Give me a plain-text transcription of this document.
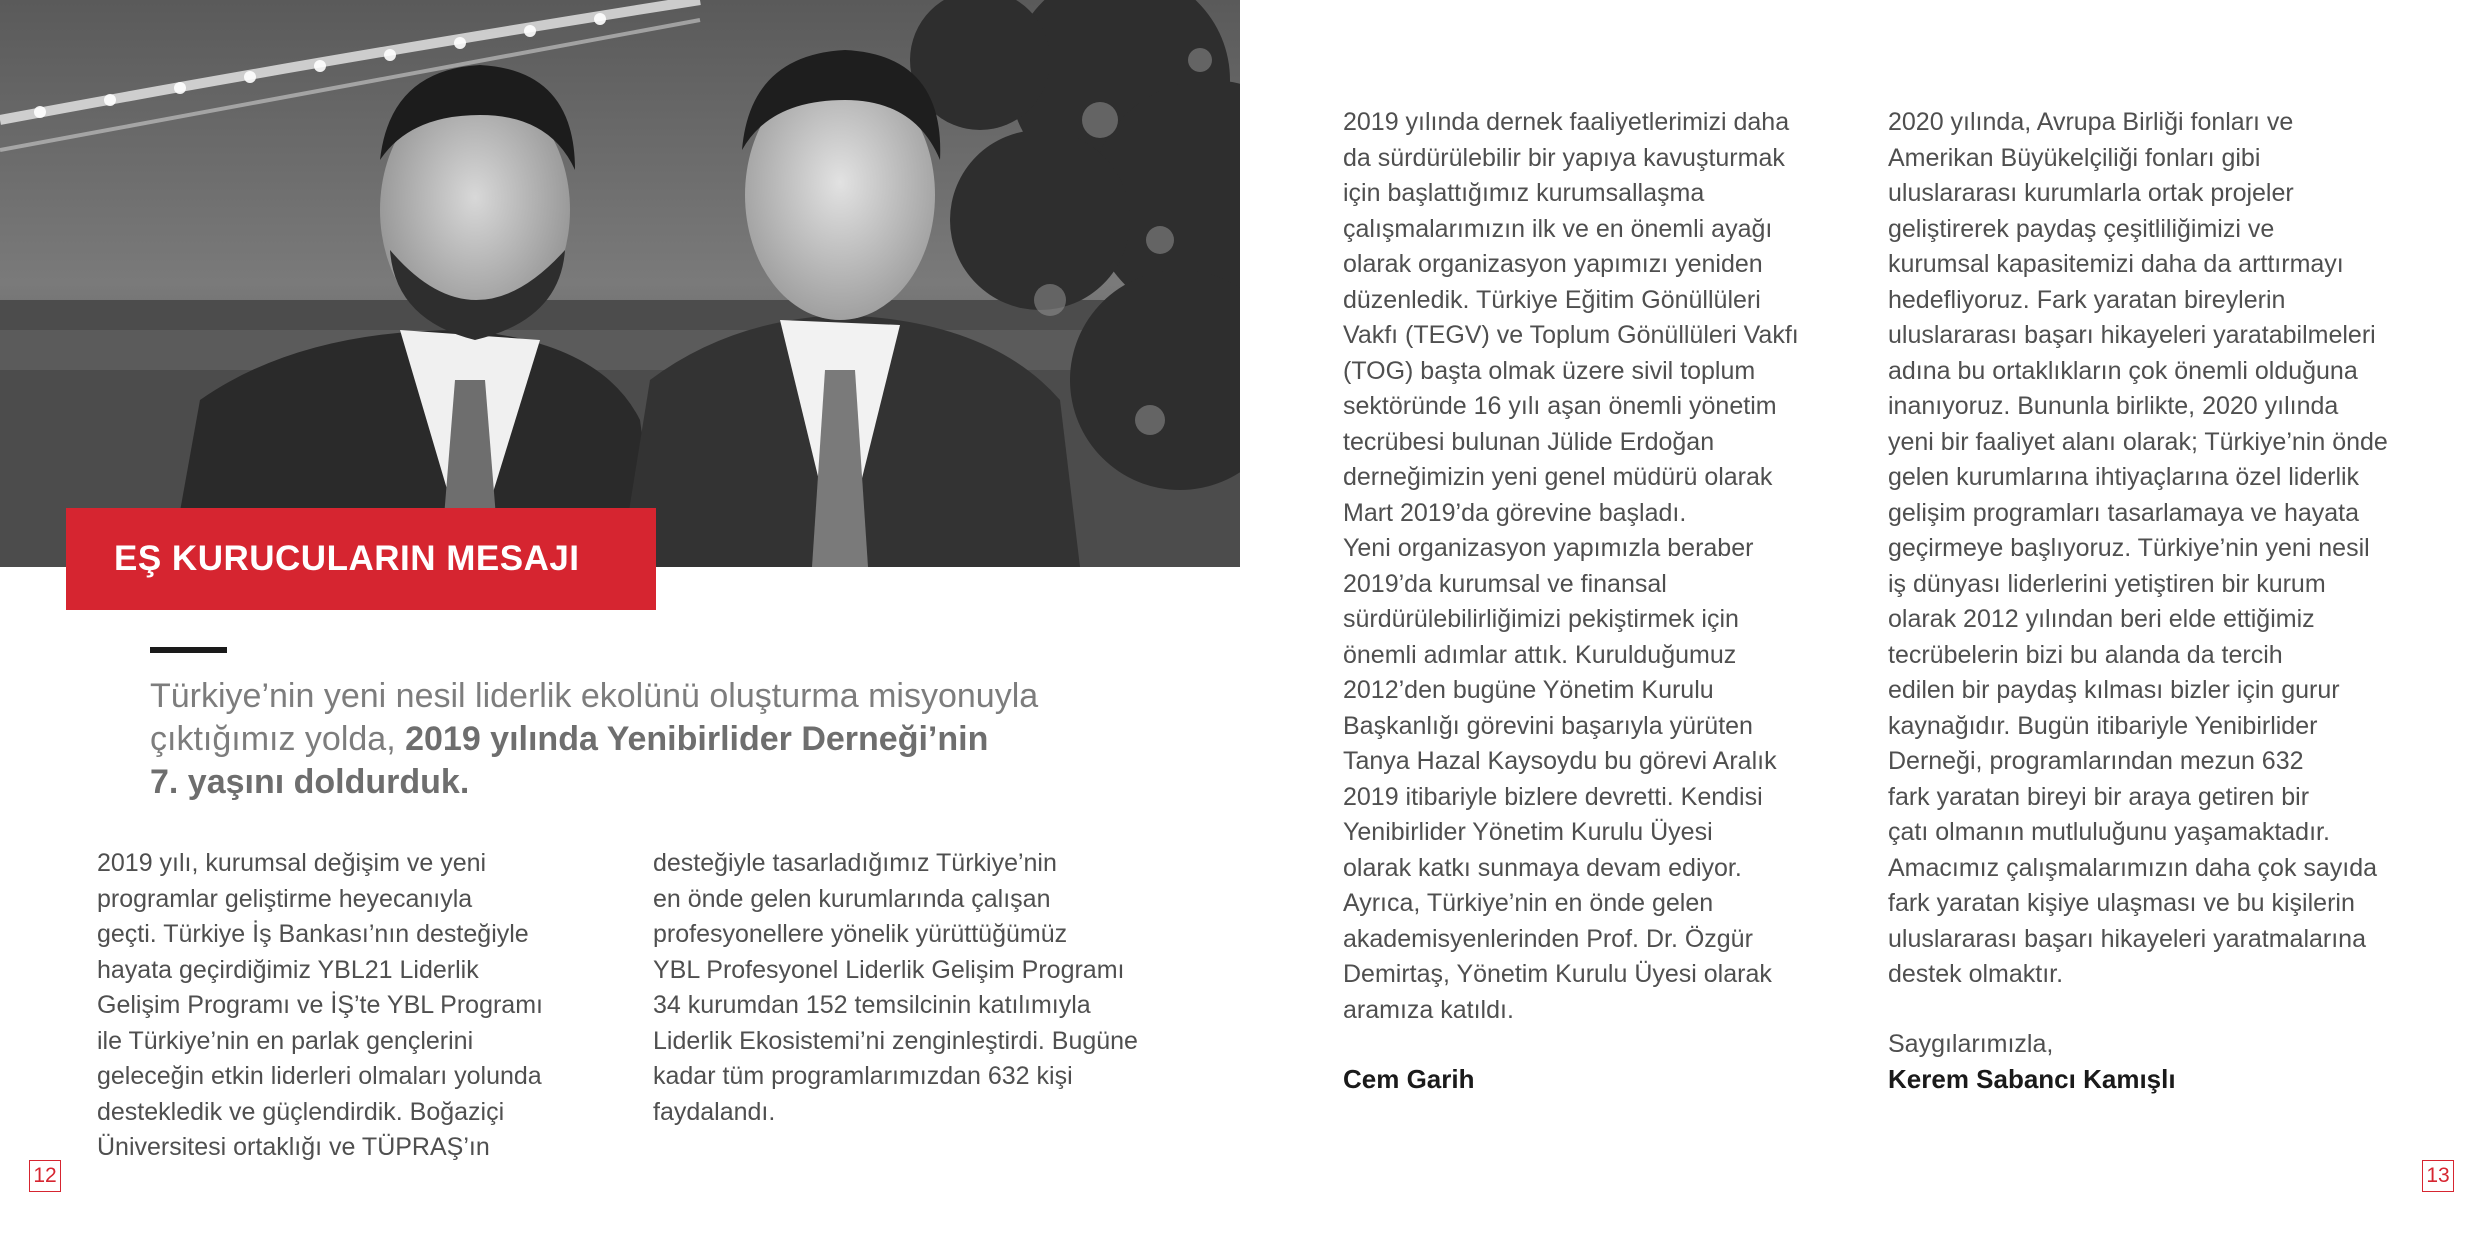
EŞ KURUCULARIN MESAJI
Türkiye’nin yeni nesil liderlik ekolünü oluşturma misyonuyla
çıktığımız yolda, 2019 yılında Yenibirlider Derneği’nin
7. yaşını doldurduk.
2019 yılı, kurumsal değişim ve yeni
programlar geliştirme heyecanıyla
geçti. Türkiye İş Bankası’nın desteğiyle
hayata geçirdiğimiz YBL21 Liderlik
Gelişim Programı ve İŞ’te YBL Programı
ile Türkiye’nin en parlak gençlerini
geleceğin etkin liderleri olmaları yolunda
destekledik ve güçlendirdik. Boğaziçi
Üniversitesi ortaklığı ve TÜPRAŞ’ın
desteğiyle tasarladığımız Türkiye’nin
en önde gelen kurumlarında çalışan
profesyonellere yönelik yürüttüğümüz
YBL Profesyonel Liderlik Gelişim Programı
34 kurumdan 152 temsilcinin katılımıyla
Liderlik Ekosistemi’ni zenginleştirdi. Bugüne
kadar tüm programlarımızdan 632 kişi
faydalandı.
2019 yılında dernek faaliyetlerimizi daha
da sürdürülebilir bir yapıya kavuşturmak
için başlattığımız kurumsallaşma
çalışmalarımızın ilk ve en önemli ayağı
olarak organizasyon yapımızı yeniden
düzenledik. Türkiye Eğitim Gönüllüleri
Vakfı (TEGV) ve Toplum Gönüllüleri Vakfı
(TOG) başta olmak üzere sivil toplum
sektöründe 16 yılı aşan önemli yönetim
tecrübesi bulunan Jülide Erdoğan
derneğimizin yeni genel müdürü olarak
Mart 2019’da görevine başladı.
Yeni organizasyon yapımızla beraber
2019’da kurumsal ve finansal
sürdürülebilirliğimizi pekiştirmek için
önemli adımlar attık. Kurulduğumuz
2012’den bugüne Yönetim Kurulu
Başkanlığı görevini başarıyla yürüten
Tanya Hazal Kaysoydu bu görevi Aralık
2019 itibariyle bizlere devretti. Kendisi
Yenibirlider Yönetim Kurulu Üyesi
olarak katkı sunmaya devam ediyor.
Ayrıca, Türkiye’nin en önde gelen
akademisyenlerinden Prof. Dr. Özgür
Demirtaş, Yönetim Kurulu Üyesi olarak
aramıza katıldı.
2020 yılında, Avrupa Birliği fonları ve
Amerikan Büyükelçiliği fonları gibi
uluslararası kurumlarla ortak projeler
geliştirerek paydaş çeşitliliğimizi ve
kurumsal kapasitemizi daha da arttırmayı
hedefliyoruz. Fark yaratan bireylerin
uluslararası başarı hikayeleri yaratabilmeleri
adına bu ortaklıkların çok önemli olduğuna
inanıyoruz. Bununla birlikte, 2020 yılında
yeni bir faaliyet alanı olarak; Türkiye’nin önde
gelen kurumlarına ihtiyaçlarına özel liderlik
gelişim programları tasarlamaya ve hayata
geçirmeye başlıyoruz. Türkiye’nin yeni nesil
iş dünyası liderlerini yetiştiren bir kurum
olarak 2012 yılından beri elde ettiğimiz
tecrübelerin bizi bu alanda da tercih
edilen bir paydaş kılması bizler için gurur
kaynağıdır. Bugün itibariyle Yenibirlider
Derneği, programlarından mezun 632
fark yaratan bireyi bir araya getiren bir
çatı olmanın mutluluğunu yaşamaktadır.
Amacımız çalışmalarımızın daha çok sayıda
fark yaratan kişiye ulaşması ve bu kişilerin
uluslararası başarı hikayeleri yaratmalarına
destek olmaktır.
Cem Garih
Saygılarımızla,
Kerem Sabancı Kamışlı
12	13
